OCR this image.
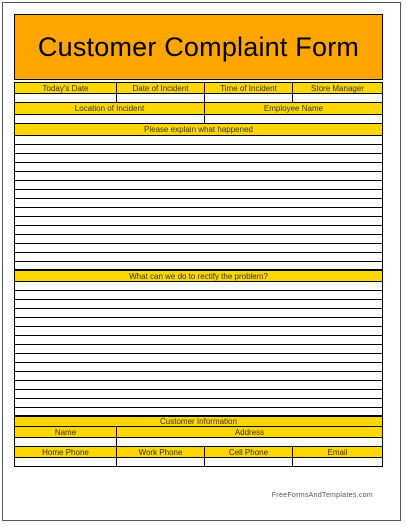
Customer Complaint Form
Today's Date	Date of Incident	Time of Incident	Store Manager
Location of Incident	Employee Name
Please explain what happened
What can we do to rectify the problem?
Customer Information
Name	Address
Home Phone	Work Phone	Cell Phone	Email
FreeFormsAndTemplates.com
